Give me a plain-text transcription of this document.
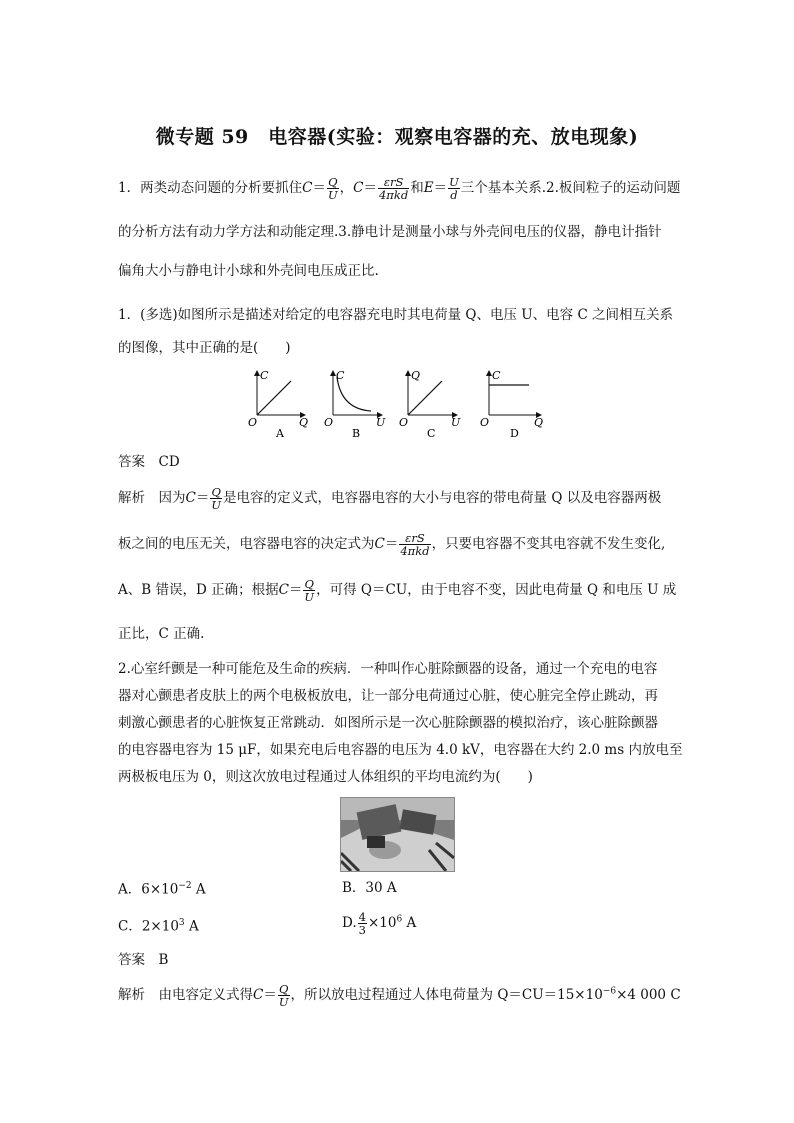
微专题 59　电容器(实验：观察电容器的充、放电现象)
1．两类动态问题的分析要抓住$C= \frac{Q}{U}$ ，$C= \frac{\text{εrS}}{\text{4πkd}}$ 和$E= \frac{U}{d}$ 三个基本关系.2.板间粒子的运动问题
的分析方法有动力学方法和动能定理.3.静电计是测量小球与外壳间电压的仪器，静电计指针
偏角大小与静电计小球和外壳间电压成正比.
1．(多选)如图所示是描述对给定的电容器充电时其电荷量 Q、电压 U、电容 C 之间相互关系
的图像，其中正确的是(　　)
C
Q
O
A
C
U
O
B
Q
U
O
C
C
Q
O
D
答案　CD
解析　 因为$C= \frac{Q}{U}$ 是电容的定义式，电容器电容的大小与电容的带电荷量 Q 以及电容器两极
板之间的电压无关，电容器电容的决定式为$C= \frac{\text{εrS}}{\text{4πkd}}$ ，只要电容器不变其电容就不发生变化,
A、B 错误，D 正确；根据$C= \frac{Q}{U}$ ，可得 Q＝CU，由于电容不变，因此电荷量 Q 和电压 U 成
正比，C 正确.
2.心室纤颤是一种可能危及生命的疾病．一种叫作心脏除颤器的设备，通过一个充电的电容
器对心颤患者皮肤上的两个电极板放电，让一部分电荷通过心脏，使心脏完全停止跳动，再
刺激心颤患者的心脏恢复正常跳动．如图所示是一次心脏除颤器的模拟治疗，该心脏除颤器
的电容器电容为 15 μF，如果充电后电容器的电压为 4.0 kV，电容器在大约 2.0 ms 内放电至
两极板电压为 0，则这次放电过程通过人体组织的平均电流约为(　　)
A．$6\times 10^{-2}$ A	B．30 A
C．$2\times 10^3$ A	D. $\frac{4}{3} \times 10^6$ A
答案　B
解析　 由电容定义式得$C= \frac{Q}{U}$ ，所以放电过程通过人体电荷量为 $Q=CU=15\times 10^{-6}\times 4$ 000 C
